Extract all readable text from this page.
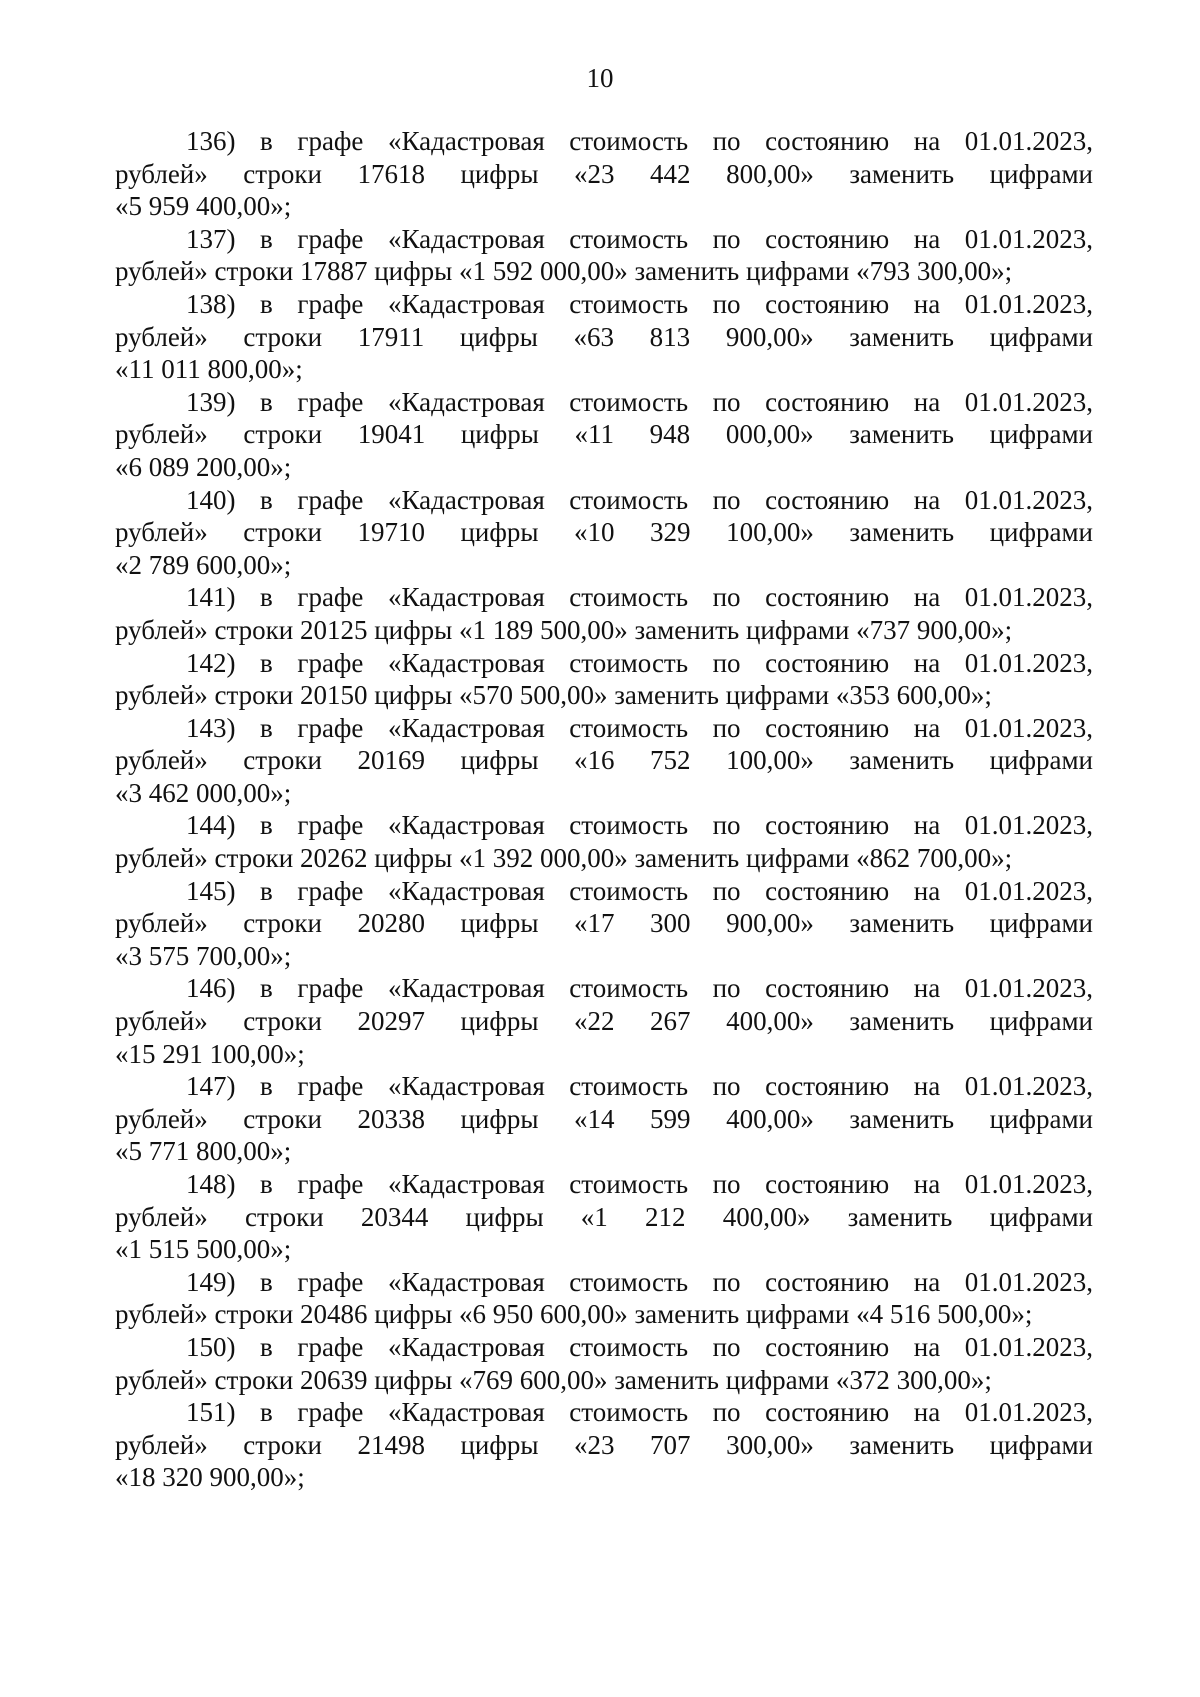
10
136) в графе «Кадастровая стоимость по состоянию на 01.01.2023,
рублей» строки 17618 цифры «23 442 800,00» заменить цифрами
«5 959 400,00»;
137) в графе «Кадастровая стоимость по состоянию на 01.01.2023,
рублей» строки 17887 цифры «1 592 000,00» заменить цифрами «793 300,00»;
138) в графе «Кадастровая стоимость по состоянию на 01.01.2023,
рублей» строки 17911 цифры «63 813 900,00» заменить цифрами
«11 011 800,00»;
139) в графе «Кадастровая стоимость по состоянию на 01.01.2023,
рублей» строки 19041 цифры «11 948 000,00» заменить цифрами
«6 089 200,00»;
140) в графе «Кадастровая стоимость по состоянию на 01.01.2023,
рублей» строки 19710 цифры «10 329 100,00» заменить цифрами
«2 789 600,00»;
141) в графе «Кадастровая стоимость по состоянию на 01.01.2023,
рублей» строки 20125 цифры «1 189 500,00» заменить цифрами «737 900,00»;
142) в графе «Кадастровая стоимость по состоянию на 01.01.2023,
рублей» строки 20150 цифры «570 500,00» заменить цифрами «353 600,00»;
143) в графе «Кадастровая стоимость по состоянию на 01.01.2023,
рублей» строки 20169 цифры «16 752 100,00» заменить цифрами
«3 462 000,00»;
144) в графе «Кадастровая стоимость по состоянию на 01.01.2023,
рублей» строки 20262 цифры «1 392 000,00» заменить цифрами «862 700,00»;
145) в графе «Кадастровая стоимость по состоянию на 01.01.2023,
рублей» строки 20280 цифры «17 300 900,00» заменить цифрами
«3 575 700,00»;
146) в графе «Кадастровая стоимость по состоянию на 01.01.2023,
рублей» строки 20297 цифры «22 267 400,00» заменить цифрами
«15 291 100,00»;
147) в графе «Кадастровая стоимость по состоянию на 01.01.2023,
рублей» строки 20338 цифры «14 599 400,00» заменить цифрами
«5 771 800,00»;
148) в графе «Кадастровая стоимость по состоянию на 01.01.2023,
рублей» строки 20344 цифры «1 212 400,00» заменить цифрами
«1 515 500,00»;
149) в графе «Кадастровая стоимость по состоянию на 01.01.2023,
рублей» строки 20486 цифры «6 950 600,00» заменить цифрами «4 516 500,00»;
150) в графе «Кадастровая стоимость по состоянию на 01.01.2023,
рублей» строки 20639 цифры «769 600,00» заменить цифрами «372 300,00»;
151) в графе «Кадастровая стоимость по состоянию на 01.01.2023,
рублей» строки 21498 цифры «23 707 300,00» заменить цифрами
«18 320 900,00»;
